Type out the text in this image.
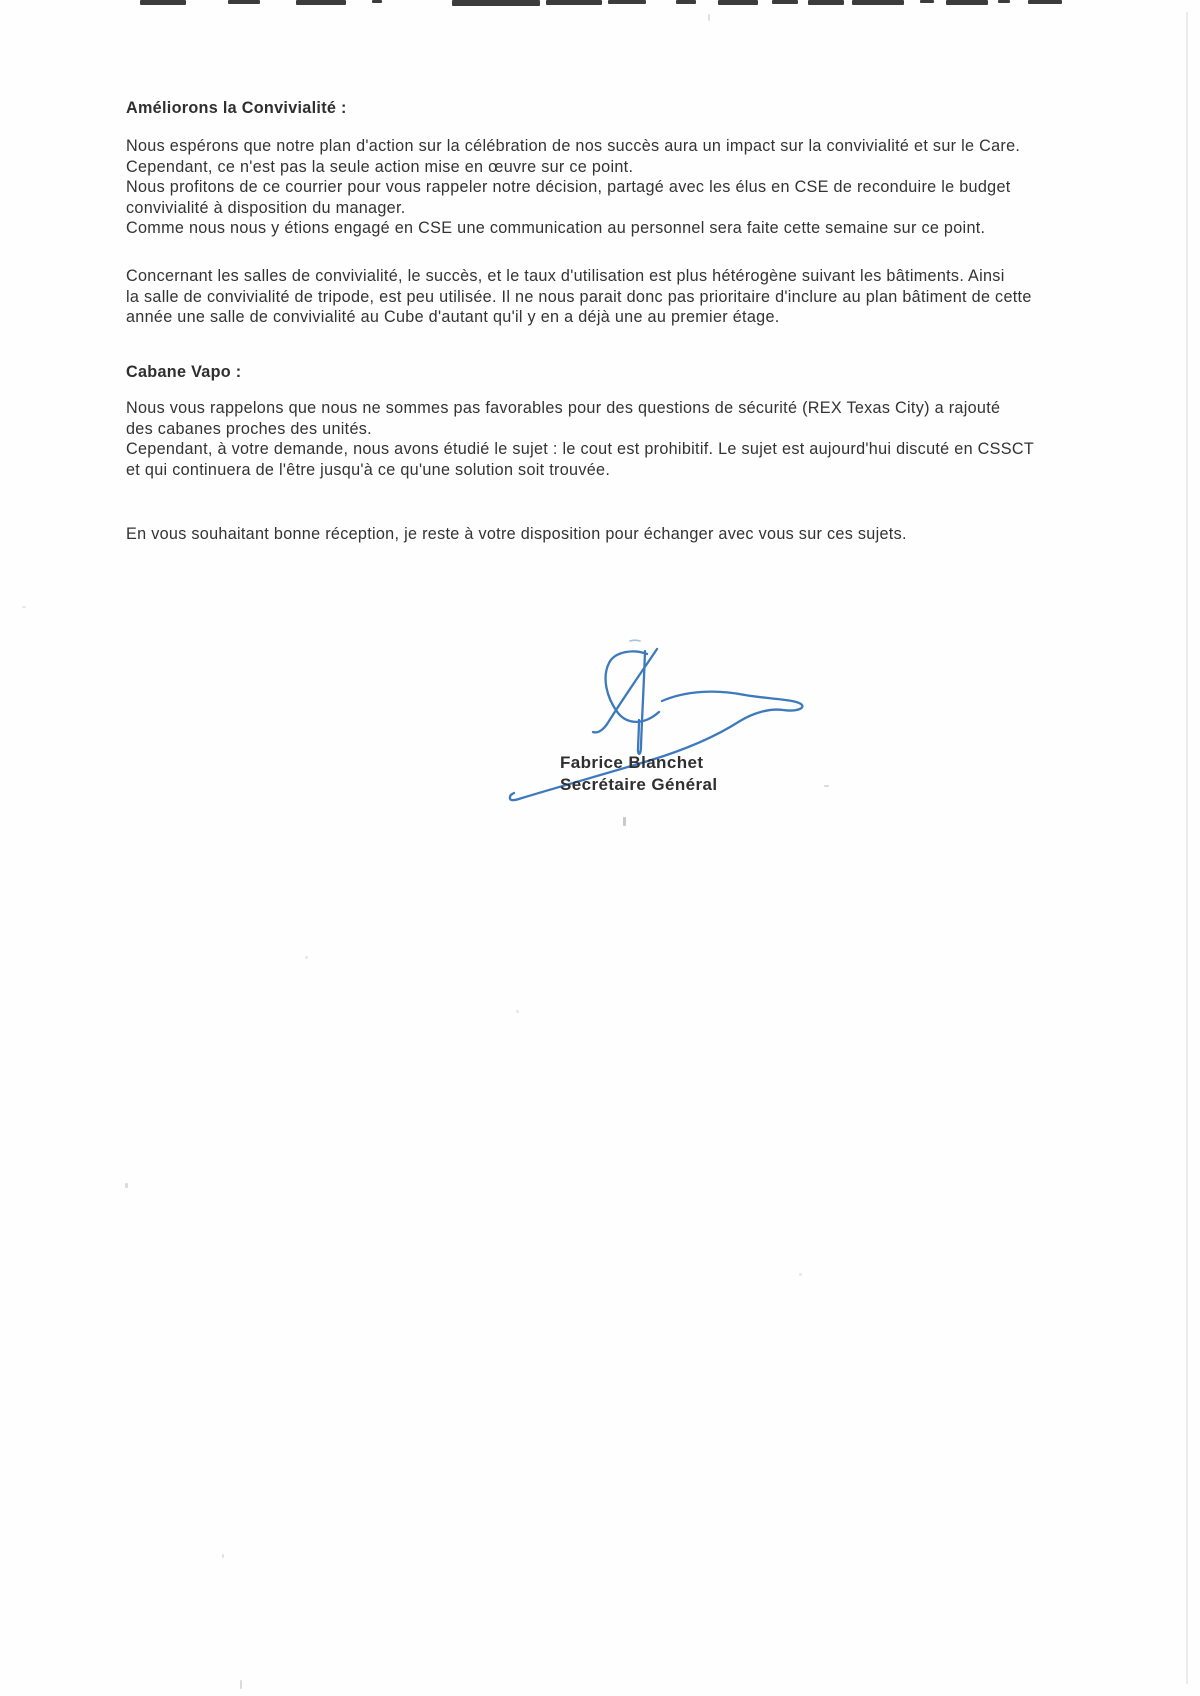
Améliorons la Convivialité :
Nous espérons que notre plan d'action sur la célébration de nos succès aura un impact sur la convivialité et sur le Care.
Cependant, ce n'est pas la seule action mise en œuvre sur ce point.
Nous profitons de ce courrier pour vous rappeler notre décision, partagé avec les élus en CSE de reconduire le budget
convivialité à disposition du manager.
Comme nous nous y étions engagé en CSE une communication au personnel sera faite cette semaine sur ce point.
Concernant les salles de convivialité, le succès, et le taux d'utilisation est plus hétérogène suivant les bâtiments. Ainsi
la salle de convivialité de tripode, est peu utilisée. Il ne nous parait donc pas prioritaire d'inclure au plan bâtiment de cette
année une salle de convivialité au Cube d'autant qu'il y en a déjà une au premier étage.
Cabane Vapo :
Nous vous rappelons que nous ne sommes pas favorables pour des questions de sécurité (REX Texas City) a rajouté
des cabanes proches des unités.
Cependant, à votre demande, nous avons étudié le sujet : le cout est prohibitif. Le sujet est aujourd'hui discuté en CSSCT
et qui continuera de l'être jusqu'à ce qu'une solution soit trouvée.
En vous souhaitant bonne réception, je reste à votre disposition pour échanger avec vous sur ces sujets.
Fabrice Blanchet
Secrétaire Général
